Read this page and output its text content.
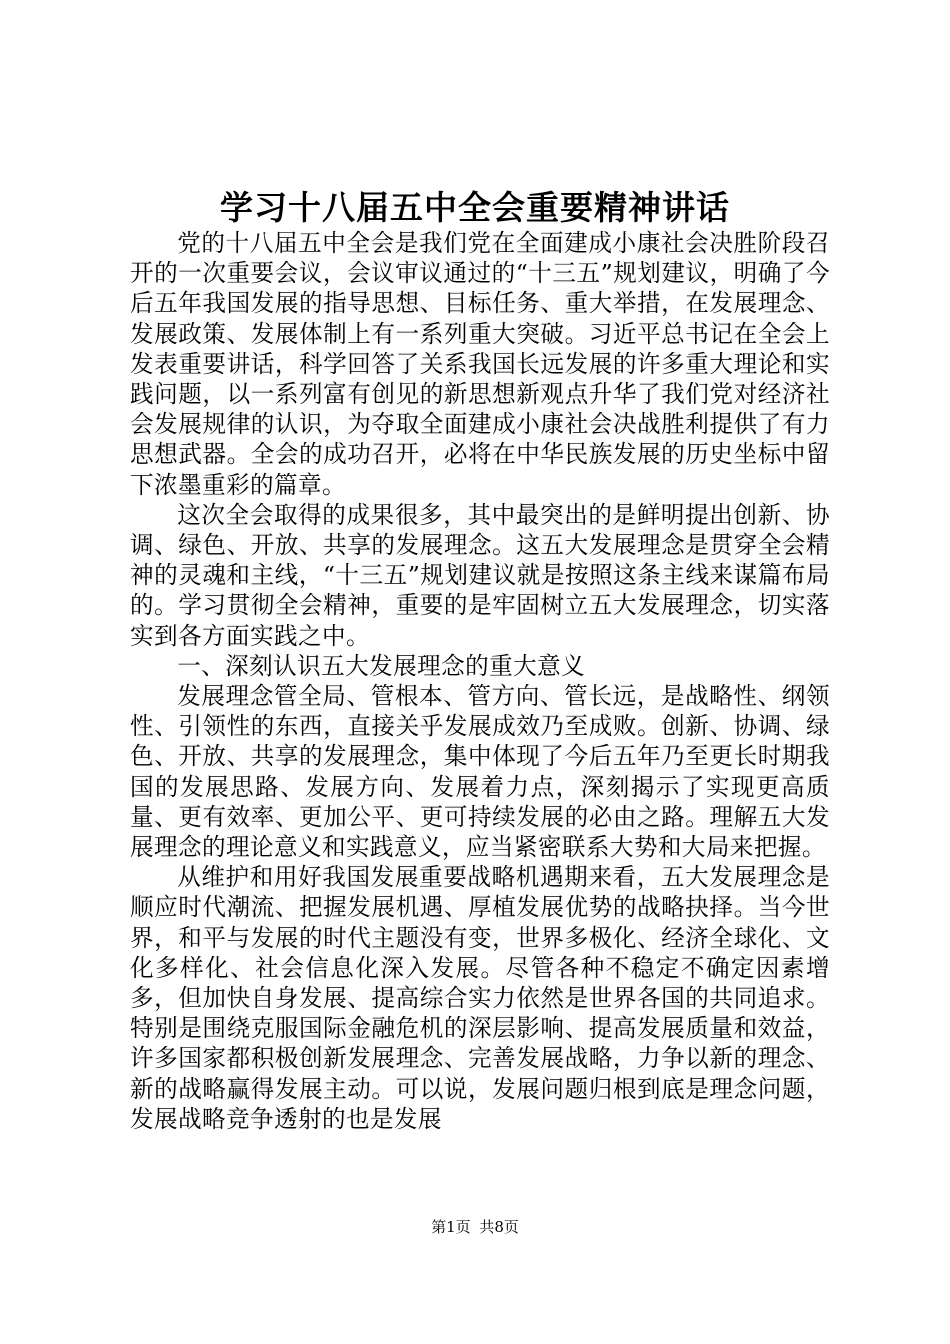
学习十八届五中全会重要精神讲话

党的十八届五中全会是我们党在全面建成小康社会决胜阶段召开的一次重要会议，会议审议通过的“十三五”规划建议，明确了今后五年我国发展的指导思想、目标任务、重大举措，在发展理念、发展政策、发展体制上有一系列重大突破。习近平总书记在全会上发表重要讲话，科学回答了关系我国长远发展的许多重大理论和实践问题，以一系列富有创见的新思想新观点升华了我们党对经济社会发展规律的认识，为夺取全面建成小康社会决战胜利提供了有力思想武器。全会的成功召开，必将在中华民族发展的历史坐标中留下浓墨重彩的篇章。

这次全会取得的成果很多，其中最突出的是鲜明提出创新、协调、绿色、开放、共享的发展理念。这五大发展理念是贯穿全会精神的灵魂和主线，“十三五”规划建议就是按照这条主线来谋篇布局的。学习贯彻全会精神，重要的是牢固树立五大发展理念，切实落实到各方面实践之中。

一、深刻认识五大发展理念的重大意义

发展理念管全局、管根本、管方向、管长远，是战略性、纲领性、引领性的东西，直接关乎发展成效乃至成败。创新、协调、绿色、开放、共享的发展理念，集中体现了今后五年乃至更长时期我国的发展思路、发展方向、发展着力点，深刻揭示了实现更高质量、更有效率、更加公平、更可持续发展的必由之路。理解五大发展理念的理论意义和实践意义，应当紧密联系大势和大局来把握。

从维护和用好我国发展重要战略机遇期来看，五大发展理念是顺应时代潮流、把握发展机遇、厚植发展优势的战略抉择。当今世界，和平与发展的时代主题没有变，世界多极化、经济全球化、文化多样化、社会信息化深入发展。尽管各种不稳定不确定因素增多，但加快自身发展、提高综合实力依然是世界各国的共同追求。特别是围绕克服国际金融危机的深层影响、提高发展质量和效益，许多国家都积极创新发展理念、完善发展战略，力争以新的理念、新的战略赢得发展主动。可以说，发展问题归根到底是理念问题，发展战略竞争透射的也是发展

第1页 共8页
